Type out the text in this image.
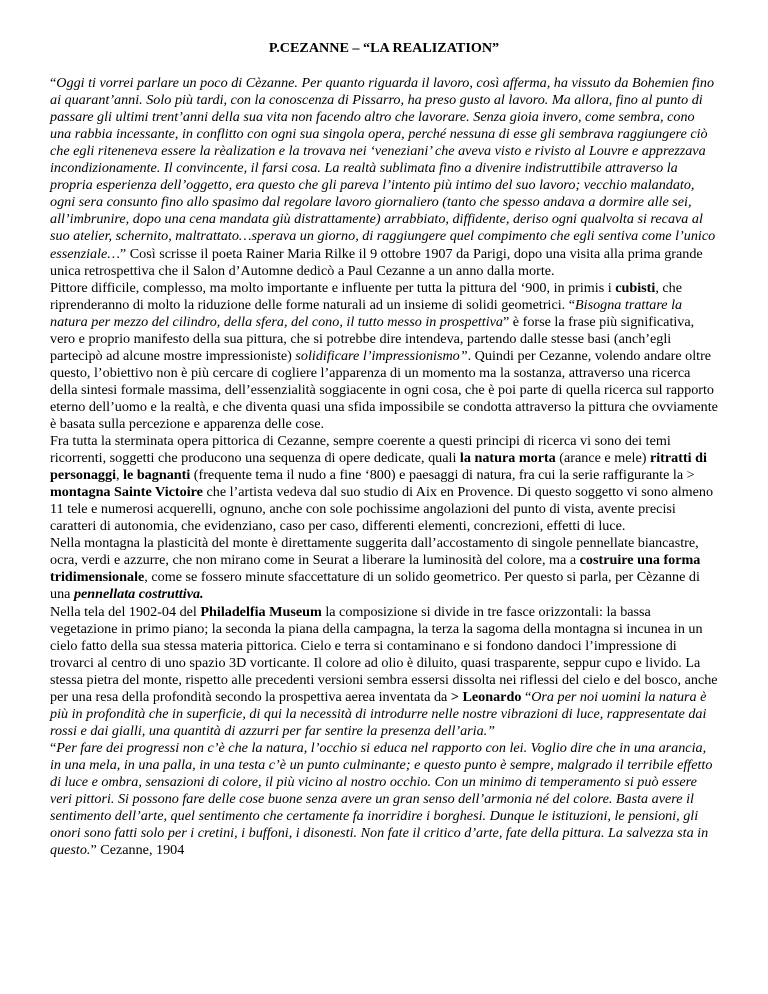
P.CEZANNE – “LA REALIZATION”

“Oggi ti vorrei parlare un poco di Cèzanne. Per quanto riguarda il lavoro, così afferma, ha vissuto da Bohemien fino ai quarant’anni. Solo più tardi, con la conoscenza di Pissarro, ha preso gusto al lavoro. Ma allora, fino al punto di passare gli ultimi trent’anni della sua vita non facendo altro che lavorare. Senza gioia invero, come sembra, cono una rabbia incessante, in conflitto con ogni sua singola opera, perché nessuna di esse gli sembrava raggiungere ciò che egli riteneneva essere la rèalization e la trovava nei ‘veneziani’ che aveva visto e rivisto al Louvre e apprezzava incondizionamente. Il convincente, il farsi cosa. La realtà sublimata fino a divenire indistruttibile attraverso la propria esperienza dell’oggetto, era questo che gli pareva l’intento più intimo del suo lavoro; vecchio malandato, ogni sera consunto fino allo spasimo dal regolare lavoro giornaliero (tanto che spesso andava a dormire alle sei, all’imbrunire, dopo una cena mandata giù distrattamente) arrabbiato, diffidente, deriso ogni qualvolta si recava al suo atelier, schernito, maltrattato…sperava un giorno, di raggiungere quel compimento che egli sentiva come l’unico essenziale…” Così scrisse il poeta Rainer Maria Rilke il 9 ottobre 1907 da Parigi, dopo una visita alla prima grande unica retrospettiva che il Salon d’Automne dedicò a Paul Cezanne a un anno dalla morte.

Pittore difficile, complesso, ma molto importante e influente per tutta la pittura del ‘900, in primis i cubisti, che riprenderanno di molto la riduzione delle forme naturali ad un insieme di solidi geometrici. “Bisogna trattare la natura per mezzo del cilindro, della sfera, del cono, il tutto messo in prospettiva” è forse la frase più significativa, vero e proprio manifesto della sua pittura, che si potrebbe dire intendeva, partendo dalle stesse basi (anch’egli partecipò ad alcune mostre impressioniste) solidificare l’impressionismo”. Quindi per Cezanne, volendo andare oltre questo, l’obiettivo non è più cercare di cogliere l’apparenza di un momento ma la sostanza, attraverso una ricerca della sintesi formale massima, dell’essenzialità soggiacente in ogni cosa, che è poi parte di quella ricerca sul rapporto eterno dell’uomo e la realtà, e che diventa quasi una sfida impossibile se condotta attraverso la pittura che ovviamente è basata sulla percezione e apparenza delle cose.

Fra tutta la sterminata opera pittorica di Cezanne, sempre coerente a questi principi di ricerca vi sono dei temi ricorrenti, soggetti che producono una sequenza di opere dedicate, quali la natura morta (arance e mele) ritratti di personaggi, le bagnanti (frequente tema il nudo a fine ‘800) e paesaggi di natura, fra cui la serie raffigurante la > montagna Sainte Victoire che l’artista vedeva dal suo studio di Aix en Provence. Di questo soggetto vi sono almeno 11 tele e numerosi acquerelli, ognuno, anche con sole pochissime angolazioni del punto di vista, avente precisi caratteri di autonomia, che evidenziano, caso per caso, differenti elementi, concrezioni, effetti di luce.

Nella montagna la plasticità del monte è direttamente suggerita dall’accostamento di singole pennellate biancastre, ocra, verdi e azzurre, che non mirano come in Seurat a liberare la luminosità del colore, ma a costruire una forma tridimensionale, come se fossero minute sfaccettature di un solido geometrico. Per questo si parla, per Cèzanne di una pennellata costruttiva.

Nella tela del 1902-04 del Philadelfia Museum la composizione si divide in tre fasce orizzontali: la bassa vegetazione in primo piano; la seconda la piana della campagna, la terza la sagoma della montagna si incunea in un cielo fatto della sua stessa materia pittorica. Cielo e terra si contaminano e si fondono dandoci l’impressione di trovarci al centro di uno spazio 3D vorticante. Il colore ad olio è diluito, quasi trasparente, seppur cupo e livido. La stessa pietra del monte, rispetto alle precedenti versioni sembra essersi dissolta nei riflessi del cielo e del bosco, anche per una resa della profondità secondo la prospettiva aerea inventata da > Leonardo “Ora per noi uomini la natura è più in profondità che in superficie, di qui la necessità di introdurre nelle nostre vibrazioni di luce, rappresentate dai rossi e dai gialli, una quantità di azzurri per far sentire la presenza dell’aria.”

“Per fare dei progressi non c’è che la natura, l’occhio si educa nel rapporto con lei. Voglio dire che in una arancia, in una mela, in una palla, in una testa c’è un punto culminante; e questo punto è sempre, malgrado il terribile effetto di luce e ombra, sensazioni di colore, il più vicino al nostro occhio. Con un minimo di temperamento si può essere veri pittori. Si possono fare delle cose buone senza avere un gran senso dell’armonia né del colore. Basta avere il sentimento dell’arte, quel sentimento che certamente fa inorridire i borghesi. Dunque le istituzioni, le pensioni, gli onori sono fatti solo per i cretini, i buffoni, i disonesti. Non fate il critico d’arte, fate della pittura. La salvezza sta in questo.” Cezanne, 1904
